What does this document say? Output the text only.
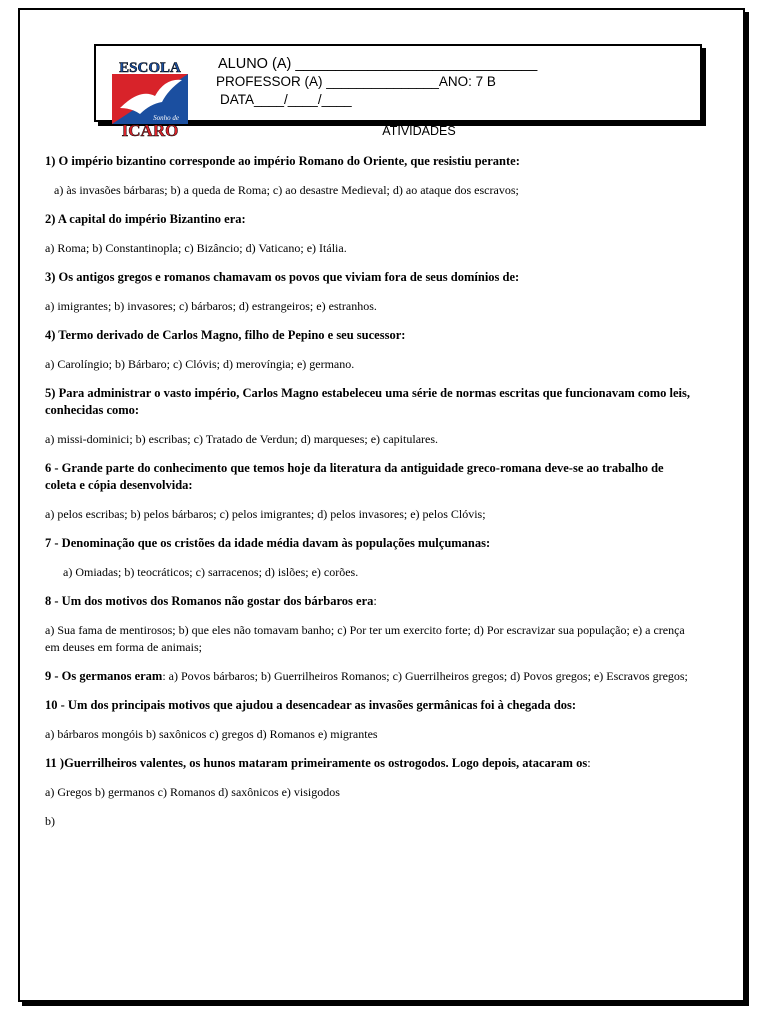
ESCOLA
Sonho de
ICARO
ALUNO (A) ______________________________
PROFESSOR (A) _______________ANO: 7 B
DATA____/____/____
ATIVIDADES

1) O império bizantino corresponde ao império Romano do Oriente, que resistiu perante:

a) às invasões bárbaras; b) a queda de Roma; c) ao desastre Medieval; d) ao ataque dos escravos;

2) A capital do império Bizantino era:

a) Roma; b) Constantinopla; c) Bizâncio; d) Vaticano; e) Itália.

3) Os antigos gregos e romanos chamavam os povos que viviam fora de seus domínios de:

a) imigrantes; b) invasores; c) bárbaros; d) estrangeiros; e) estranhos.

4) Termo derivado de Carlos Magno, filho de Pepino e seu sucessor:

a) Carolíngio; b) Bárbaro; c) Clóvis; d) merovíngia; e) germano.

5) Para administrar o vasto império, Carlos Magno estabeleceu uma série de normas escritas que funcionavam como leis, conhecidas como:

a) missi-dominici; b) escribas; c) Tratado de Verdun; d) marqueses; e) capitulares.

6 - Grande parte do conhecimento que temos hoje da literatura da antiguidade greco-romana deve-se ao trabalho de coleta e cópia desenvolvida:

a) pelos escribas; b) pelos bárbaros; c) pelos imigrantes; d) pelos invasores; e) pelos Clóvis;

7 - Denominação que os cristões da idade média davam às populações mulçumanas:

a) Omiadas; b) teocráticos; c) sarracenos; d) islões; e) corões.

8 - Um dos motivos dos Romanos não gostar dos bárbaros era:

a) Sua fama de mentirosos; b) que eles não tomavam banho; c) Por ter um exercito forte; d) Por escravizar sua população; e) a crença em deuses em forma de animais;

9 - Os germanos eram: a) Povos bárbaros; b) Guerrilheiros Romanos; c) Guerrilheiros gregos; d) Povos gregos; e) Escravos gregos;

10 - Um dos principais motivos que ajudou a desencadear as invasões germânicas foi à chegada dos:

a) bárbaros mongóis b) saxônicos c) gregos d) Romanos e) migrantes

11 )Guerrilheiros valentes, os hunos mataram primeiramente os ostrogodos. Logo depois, atacaram os:

a) Gregos b) germanos c) Romanos d) saxônicos e) visigodos

b)
